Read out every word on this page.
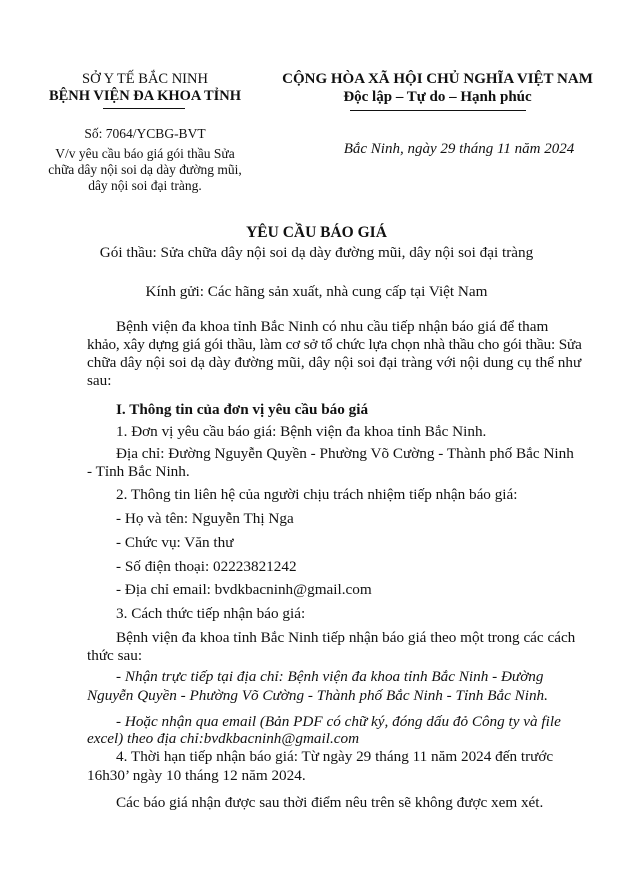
SỞ Y TẾ BẮC NINH
BỆNH VIỆN ĐA KHOA TỈNH
Số: 7064/YCBG-BVT
V/v yêu cầu báo giá gói thầu Sửa
chữa dây nội soi dạ dày đường mũi,
dây nội soi đại tràng.
CỘNG HÒA XÃ HỘI CHỦ NGHĨA VIỆT NAM
Độc lập – Tự do – Hạnh phúc
Bắc Ninh, ngày 29 tháng 11 năm 2024
YÊU CẦU BÁO GIÁ
Gói thầu: Sửa chữa dây nội soi dạ dày đường mũi, dây nội soi đại tràng
Kính gửi: Các hãng sản xuất, nhà cung cấp tại Việt Nam
Bệnh viện đa khoa tỉnh Bắc Ninh có nhu cầu tiếp nhận báo giá để tham
khảo, xây dựng giá gói thầu, làm cơ sở tổ chức lựa chọn nhà thầu cho gói thầu: Sửa
chữa dây nội soi dạ dày đường mũi, dây nội soi đại tràng với nội dung cụ thể như
sau:
I. Thông tin của đơn vị yêu cầu báo giá
1. Đơn vị yêu cầu báo giá: Bệnh viện đa khoa tỉnh Bắc Ninh.
Địa chỉ: Đường Nguyễn Quyền - Phường Võ Cường - Thành phố Bắc Ninh
- Tỉnh Bắc Ninh.
2. Thông tin liên hệ của người chịu trách nhiệm tiếp nhận báo giá:
- Họ và tên: Nguyễn Thị Nga
- Chức vụ: Văn thư
- Số điện thoại: 02223821242
- Địa chỉ email: bvdkbacninh@gmail.com
3. Cách thức tiếp nhận báo giá:
Bệnh viện đa khoa tỉnh Bắc Ninh tiếp nhận báo giá theo một trong các cách
thức sau:
- Nhận trực tiếp tại địa chỉ: Bệnh viện đa khoa tỉnh Bắc Ninh - Đường
Nguyễn Quyền - Phường Võ Cường - Thành phố Bắc Ninh - Tỉnh Bắc Ninh.
- Hoặc nhận qua email (Bản PDF có chữ ký, đóng dấu đỏ Công ty và file
excel) theo địa chỉ:bvdkbacninh@gmail.com
4. Thời hạn tiếp nhận báo giá: Từ ngày 29 tháng 11 năm 2024 đến trước
16h30’ ngày 10 tháng 12 năm 2024.
Các báo giá nhận được sau thời điểm nêu trên sẽ không được xem xét.
